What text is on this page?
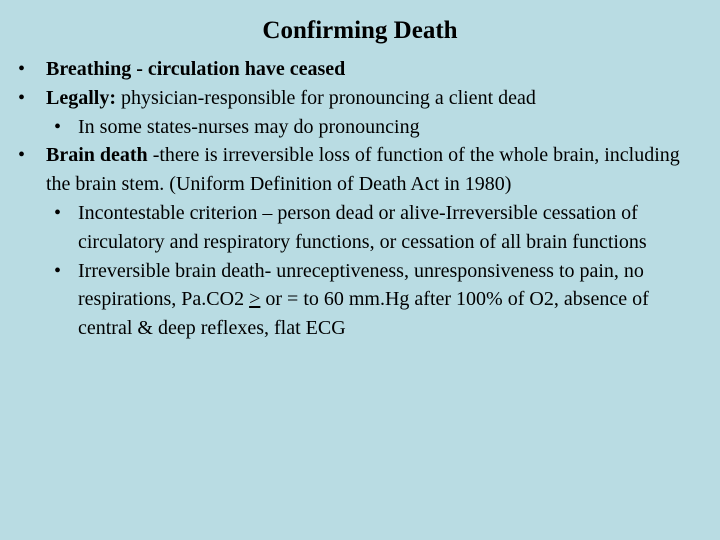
Confirming Death
• Breathing - circulation have ceased
• Legally: physician-responsible for pronouncing a client dead
• In some states-nurses may do pronouncing
• Brain death -there is irreversible loss of function of the whole brain, including the brain stem. (Uniform Definition of Death Act in 1980)
• Incontestable criterion – person dead or alive-Irreversible cessation of circulatory and respiratory functions, or cessation of all brain functions
• Irreversible brain death- unreceptiveness, unresponsiveness to pain, no respirations, Pa.CO2 > or = to 60 mm.Hg after 100% of O2, absence of central & deep reflexes, flat ECG
